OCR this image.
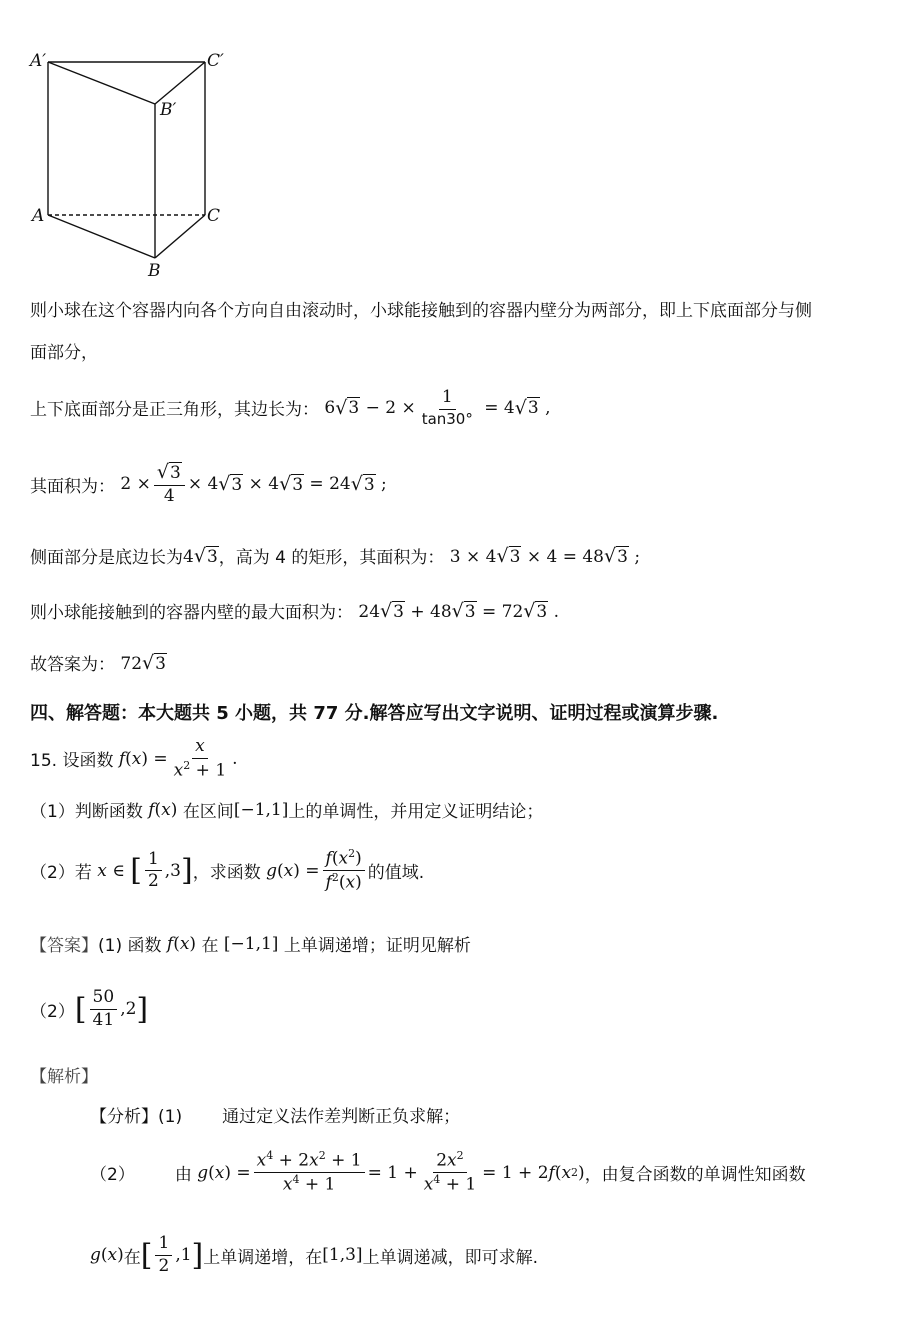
A′	C′
B′
A	C
B
则小球在这个容器内向各个方向自由滚动时，小球能接触到的容器内壁分为两部分，即上下底面部分与侧
面部分，
上下底面部分是正三角形，其边长为： 6 √ $3 - 2 \times \frac{1}{\tan 30^\circ} = 4$ √ 3 ,
其面积为： $2 \times \frac{√3}{4} \times 4$ √ 3 × 4 √ 3 = 24 √ 3 ;
侧面部分是底边长为 4√3 ，高为 4 的矩形，其面积为： 3 × 4√3 × 4 = 48√3 ;
则小球能接触到的容器内壁的最大面积为： 24√3 + 48√3 = 72√3 .
故答案为： 72√3
四、解答题：本大题共 5 小题，共 77 分.解答应写出文字说明、证明过程或演算步骤.
15. 设函数
f ( x ) = $\frac{x}{x^2 + 1}$ .
（1）判断函数 f(x) 在区间 [−1,1] 上的单调性，并用定义证明结论；
（2）若
x ∈ [ $\frac{1}{2} ,3$ ] ，求函数
g ( x ) = $\frac{f(x^2)}{f^2(x)}$ 的值域.
【答案】 (1) 函数 f(x) 在 [−1,1] 上单调递增；证明见解析
（2） [ $\frac{50}{41} ,2$ ]
【解析】
【分析】(1) 通过定义法作差判断正负求解；
（2） 由
g ( x ) = $\frac{x^4 + 2x^2 + 1}{x^4 + 1} = 1 + \frac{2x^2}{x^4 + 1} = 1 + 2$ f ( x 2 ) ，由复合函数的单调性知函数
g ( x ) 在 [ $\frac{1}{2} ,1$ ] 上单调递增，在 [1,3] 上单调递减，即可求解.
